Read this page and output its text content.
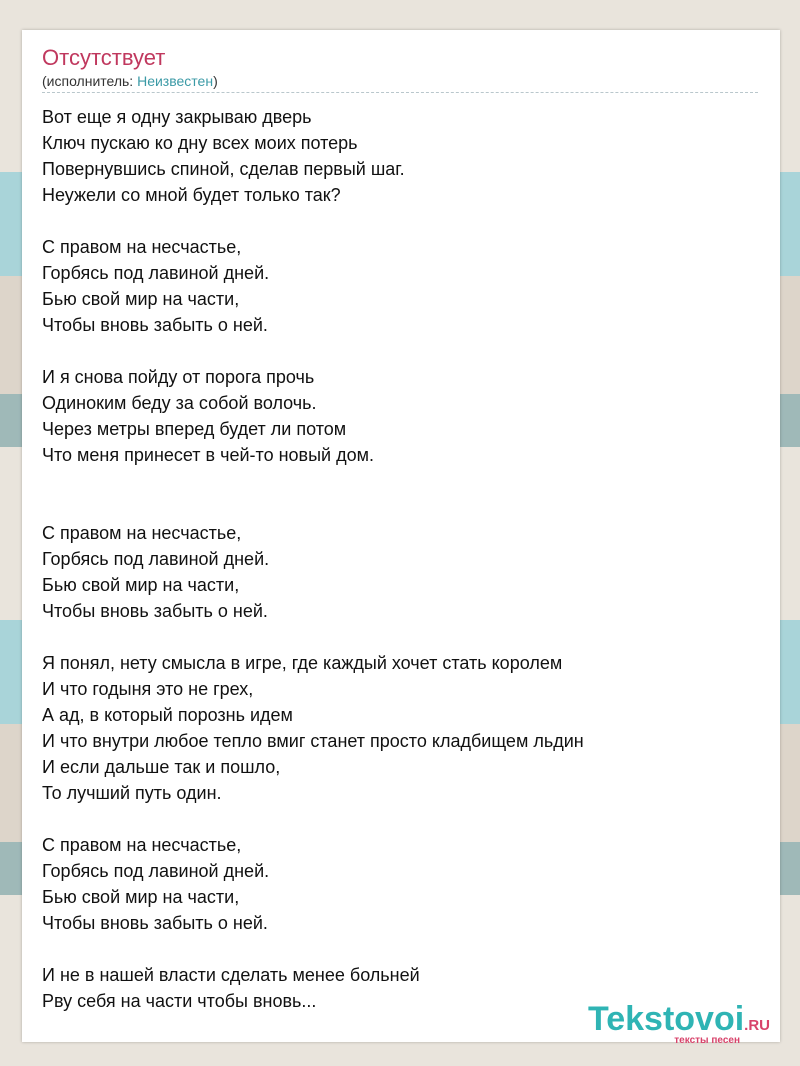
Отсутствует
(исполнитель: Неизвестен)
Вот еще я одну закрываю дверь
Ключ пускаю ко дну всех моих потерь
Повернувшись спиной, сделав первый шаг.
Неужели со мной будет только так?
С правом на несчастье,
Горбясь под лавиной дней.
Бью свой мир на части,
Чтобы вновь забыть о ней.
И я снова пойду от порога прочь
Одиноким беду за собой волочь.
Через метры вперед будет ли потом
Что меня принесет в чей-то новый дом.
С правом на несчастье,
Горбясь под лавиной дней.
Бью свой мир на части,
Чтобы вновь забыть о ней.
Я понял, нету смысла в игре, где каждый хочет стать королем
И что годыня это не грех,
А ад, в который порознь идем
И что внутри любое тепло вмиг станет просто кладбищем льдин
И если дальше так и пошло,
То лучший путь один.
С правом на несчастье,
Горбясь под лавиной дней.
Бью свой мир на части,
Чтобы вновь забыть о ней.
И не в нашей власти сделать менее больней
Рву себя на части чтобы вновь...	Tekstovoi.RU
тексты песен
